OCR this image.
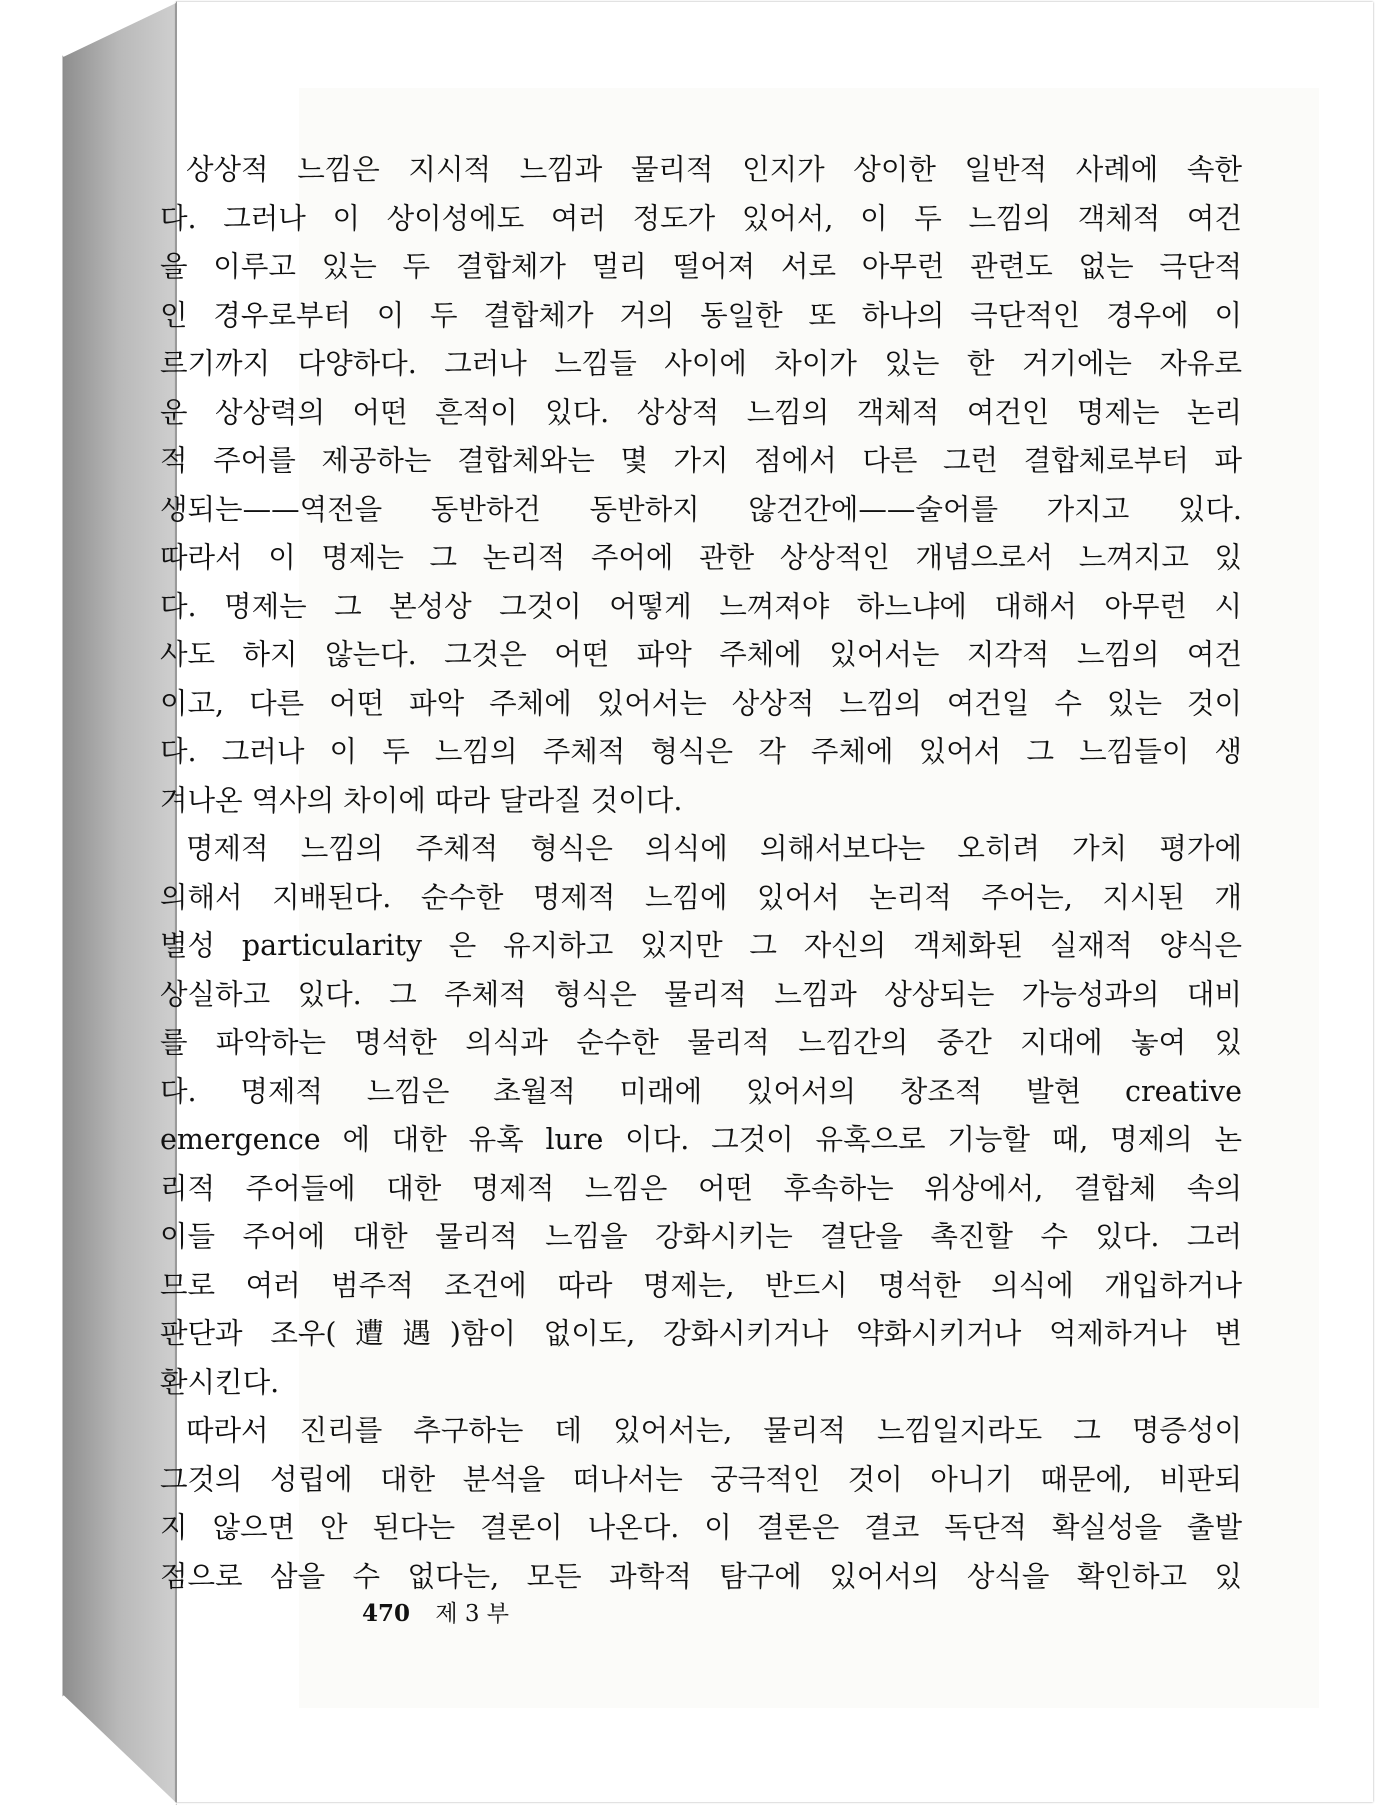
상상적 느낌은 지시적 느낌과 물리적 인지가 상이한 일반적 사례에 속한
다. 그러나 이 상이성에도 여러 정도가 있어서, 이 두 느낌의 객체적 여건
을 이루고 있는 두 결합체가 멀리 떨어져 서로 아무런 관련도 없는 극단적
인 경우로부터 이 두 결합체가 거의 동일한 또 하나의 극단적인 경우에 이
르기까지 다양하다. 그러나 느낌들 사이에 차이가 있는 한 거기에는 자유로
운 상상력의 어떤 흔적이 있다. 상상적 느낌의 객체적 여건인 명제는 논리
적 주어를 제공하는 결합체와는 몇 가지 점에서 다른 그런 결합체로부터 파
생되는——역전을 동반하건 동반하지 않건간에——술어를 가지고 있다.
따라서 이 명제는 그 논리적 주어에 관한 상상적인 개념으로서 느껴지고 있
다. 명제는 그 본성상 그것이 어떻게 느껴져야 하느냐에 대해서 아무런 시
사도 하지 않는다. 그것은 어떤 파악 주체에 있어서는 지각적 느낌의 여건
이고, 다른 어떤 파악 주체에 있어서는 상상적 느낌의 여건일 수 있는 것이
다. 그러나 이 두 느낌의 주체적 형식은 각 주체에 있어서 그 느낌들이 생
겨나온 역사의 차이에 따라 달라질 것이다.
명제적 느낌의 주체적 형식은 의식에 의해서보다는 오히려 가치 평가에
의해서 지배된다. 순수한 명제적 느낌에 있어서 논리적 주어는, 지시된 개
별성 particularity 은 유지하고 있지만 그 자신의 객체화된 실재적 양식은
상실하고 있다. 그 주체적 형식은 물리적 느낌과 상상되는 가능성과의 대비
를 파악하는 명석한 의식과 순수한 물리적 느낌간의 중간 지대에 놓여 있
다. 명제적 느낌은 초월적 미래에 있어서의 창조적 발현 creative
emergence 에 대한 유혹 lure 이다. 그것이 유혹으로 기능할 때, 명제의 논
리적 주어들에 대한 명제적 느낌은 어떤 후속하는 위상에서, 결합체 속의
이들 주어에 대한 물리적 느낌을 강화시키는 결단을 촉진할 수 있다. 그러
므로 여러 범주적 조건에 따라 명제는, 반드시 명석한 의식에 개입하거나
판단과 조우(遭遇)함이 없이도, 강화시키거나 약화시키거나 억제하거나 변
환시킨다.
따라서 진리를 추구하는 데 있어서는, 물리적 느낌일지라도 그 명증성이
그것의 성립에 대한 분석을 떠나서는 궁극적인 것이 아니기 때문에, 비판되
지 않으면 안 된다는 결론이 나온다. 이 결론은 결코 독단적 확실성을 출발
점으로 삼을 수 없다는, 모든 과학적 탐구에 있어서의 상식을 확인하고 있
470 제 3 부
